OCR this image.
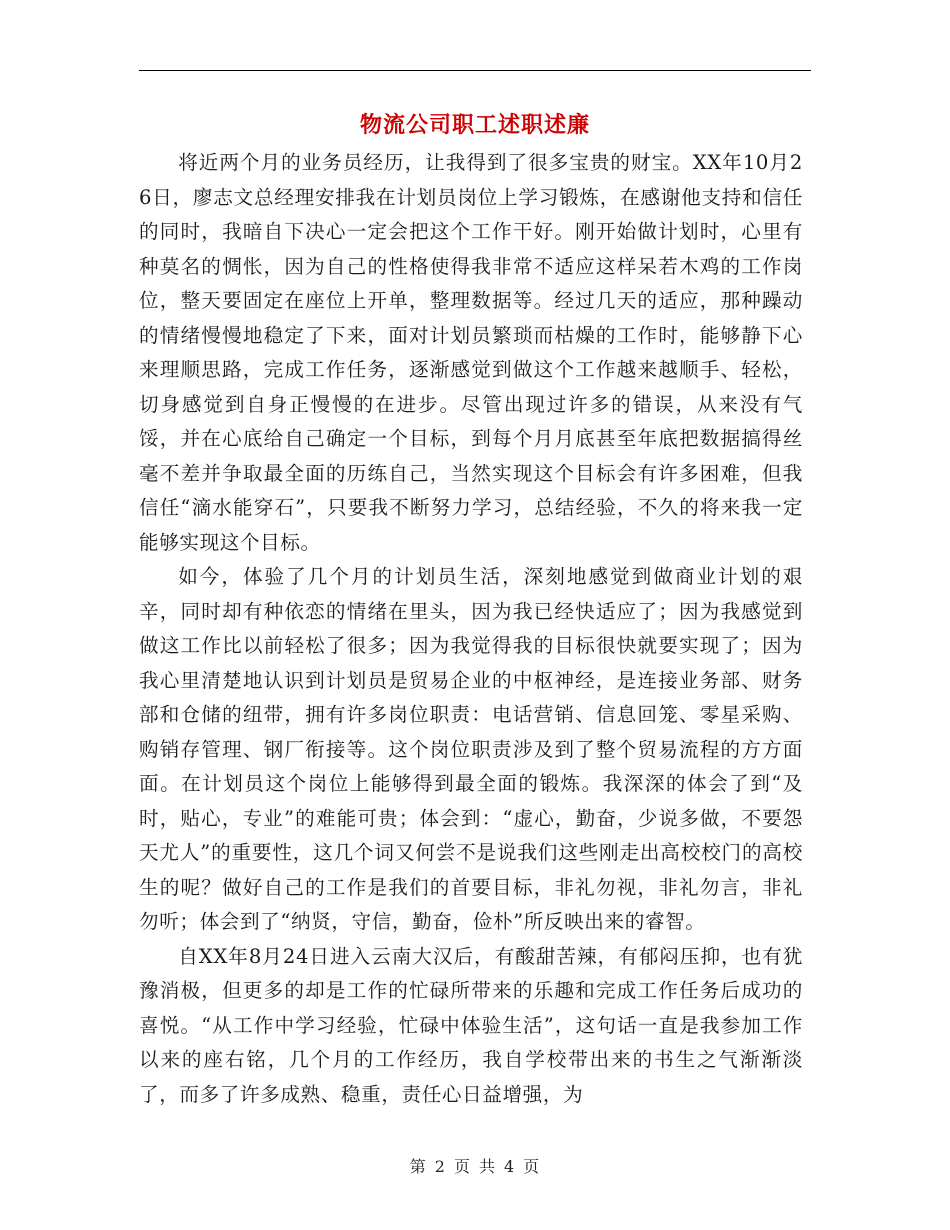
物流公司职工述职述廉

将近两个月的业务员经历，让我得到了很多宝贵的财宝。XX年10月26日，廖志文总经理安排我在计划员岗位上学习锻炼，在感谢他支持和信任的同时，我暗自下决心一定会把这个工作干好。刚开始做计划时，心里有种莫名的惆怅，因为自己的性格使得我非常不适应这样呆若木鸡的工作岗位，整天要固定在座位上开单，整理数据等。经过几天的适应，那种躁动的情绪慢慢地稳定了下来，面对计划员繁琐而枯燥的工作时，能够静下心来理顺思路，完成工作任务，逐渐感觉到做这个工作越来越顺手、轻松，切身感觉到自身正慢慢的在进步。尽管出现过许多的错误，从来没有气馁，并在心底给自己确定一个目标，到每个月月底甚至年底把数据搞得丝毫不差并争取最全面的历练自己，当然实现这个目标会有许多困难，但我信任“滴水能穿石”，只要我不断努力学习，总结经验，不久的将来我一定能够实现这个目标。

如今，体验了几个月的计划员生活，深刻地感觉到做商业计划的艰辛，同时却有种依恋的情绪在里头，因为我已经快适应了；因为我感觉到做这工作比以前轻松了很多；因为我觉得我的目标很快就要实现了；因为我心里清楚地认识到计划员是贸易企业的中枢神经，是连接业务部、财务部和仓储的纽带，拥有许多岗位职责：电话营销、信息回笼、零星采购、购销存管理、钢厂衔接等。这个岗位职责涉及到了整个贸易流程的方方面面。在计划员这个岗位上能够得到最全面的锻炼。我深深的体会了到“及时，贴心，专业”的难能可贵；体会到：“虚心，勤奋，少说多做，不要怨天尤人”的重要性，这几个词又何尝不是说我们这些刚走出高校校门的高校生的呢？做好自己的工作是我们的首要目标，非礼勿视，非礼勿言，非礼勿听；体会到了“纳贤，守信，勤奋，俭朴”所反映出来的睿智。

自XX年8月24日进入云南大汉后，有酸甜苦辣，有郁闷压抑，也有犹豫消极，但更多的却是工作的忙碌所带来的乐趣和完成工作任务后成功的喜悦。“从工作中学习经验，忙碌中体验生活”，这句话一直是我参加工作以来的座右铭，几个月的工作经历，我自学校带出来的书生之气渐渐淡了，而多了许多成熟、稳重，责任心日益增强，为

第 2 页 共 4 页
